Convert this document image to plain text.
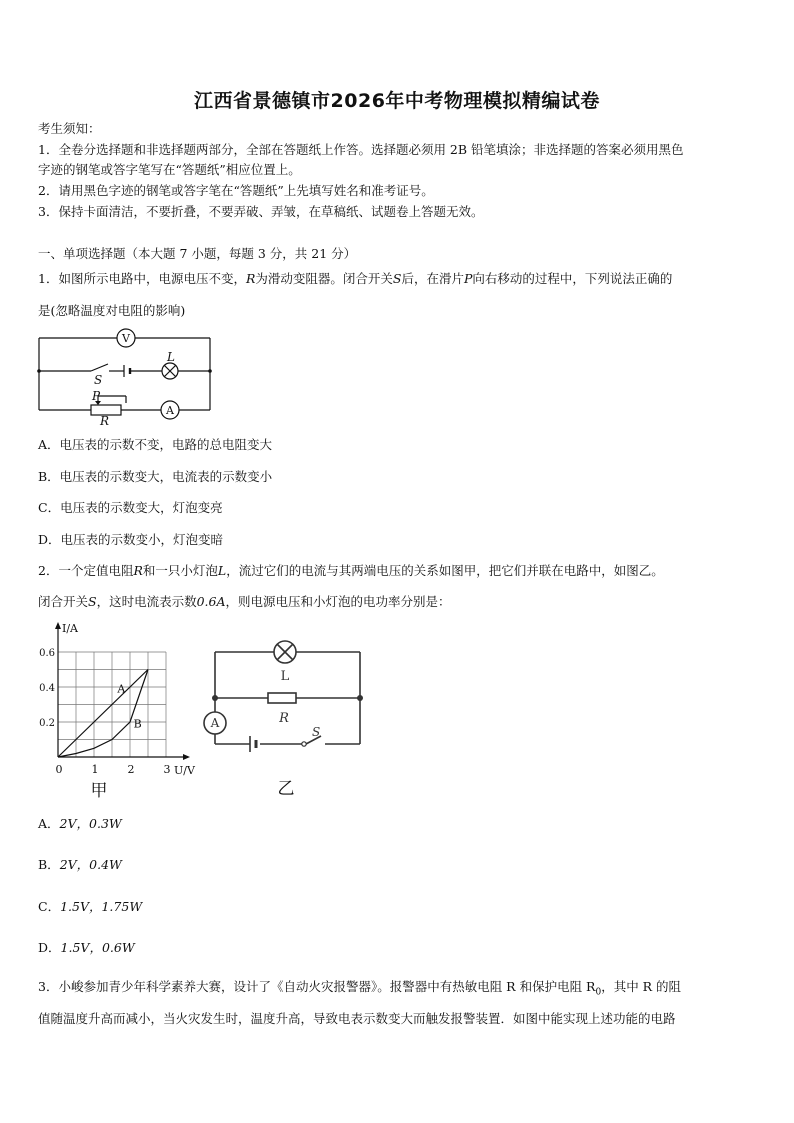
江西省景德镇市2026年中考物理模拟精编试卷
考生须知：
1．全卷分选择题和非选择题两部分，全部在答题纸上作答。选择题必须用 2B 铅笔填涂；非选择题的答案必须用黑色
字迹的钢笔或答字笔写在“答题纸”相应位置上。
2．请用黑色字迹的钢笔或答字笔在“答题纸”上先填写姓名和准考证号。
3．保持卡面清洁，不要折叠，不要弄破、弄皱，在草稿纸、试题卷上答题无效。
一、单项选择题（本大题 7 小题，每题 3 分，共 21 分）
1．如图所示电路中，电源电压不变，R为滑动变阻器。闭合开关S后，在滑片P向右移动的过程中，下列说法正确的
是(忽略温度对电阻的影响)
V
L
S
P
R
A
A．电压表的示数不变，电路的总电阻变大
B．电压表的示数变大，电流表的示数变小
C．电压表的示数变大，灯泡变亮
D．电压表的示数变小，灯泡变暗
2．一个定值电阻R和一只小灯泡L，流过它们的电流与其两端电压的关系如图甲，把它们并联在电路中，如图乙。
闭合开关S，这时电流表示数0.6A，则电源电压和小灯泡的电功率分别是：
0	1	2	3
0.2
0.4
0.6
I/A
U/V
A
B
甲
L
R
A
S
乙
A．2V，0.3W
B．2V，0.4W
C．1.5V，1.75W
D．1.5V，0.6W
3．小峻参加青少年科学素养大赛，设计了《自动火灾报警器》。报警器中有热敏电阻 R 和保护电阻 $R_0$，其中 R 的阻
值随温度升高而减小，当火灾发生时，温度升高，导致电表示数变大而触发报警装置．如图中能实现上述功能的电路
